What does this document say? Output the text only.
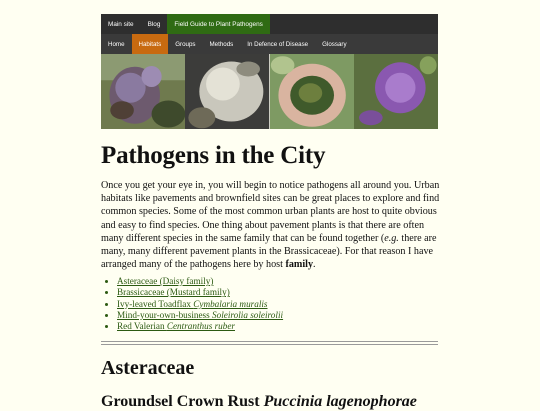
Main site	Blog	Field Guide to Plant Pathogens
Home	Habitats	Groups	Methods	In Defence of Disease	Glossary
Pathogens in the City

Once you get your eye in, you will begin to notice pathogens all around you. Urban habitats like pavements and brownfield sites can be great places to explore and find common species. Some of the most common urban plants are host to quite obvious and easy to find species. One thing about pavement plants is that there are often many different species in the same family that can be found together (e.g. there are many, many different pavement plants in the Brassicaceae). For that reason I have arranged many of the pathogens here by host family.

• Asteraceae (Daisy family)
• Brassicaceae (Mustard family)
• Ivy-leaved Toadflax Cymbalaria muralis
• Mind-your-own-business Soleirolia soleirolii
• Red Valerian Centranthus ruber
Asteraceae
Groundsel Crown Rust Puccinia lagenophorae
